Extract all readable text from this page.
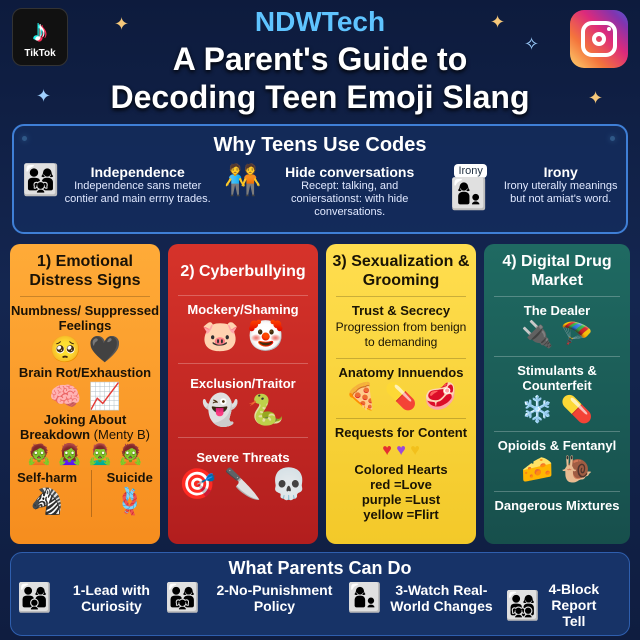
✦
✦
✦
✧
✦
♪
TikTok
NDWTech
A Parent's Guide to
Decoding Teen Emoji Slang
Why Teens Use Codes
👨‍👩‍👧	Independence
Independence sans meter contier and main errny trades.
🧑‍🤝‍🧑	Hide conversations
Recept: talking, and coniersationst: with hide conversations.
Irony
👩‍👦
Irony
Irony uterally meanings but not amiat's word.
1) Emotional Distress Signs
Numbness/ Suppressed Feelings
🥺 🖤
Brain Rot/Exhaustion
🧠 📈
Joking About Breakdown (Menty B)
🧟 🧟‍♀️ 🧟‍♂️ 🧟
Self-harm
🦓
Suicide
🪢
2) Cyberbullying
Mockery/Shaming
🐷 🤡
Exclusion/Traitor
👻 🐍
Severe Threats
🎯 🔪 💀
3) Sexualization & Grooming
Trust & Secrecy
Progression from benign to demanding
Anatomy Innuendos
🍕 💊 🥩
Requests for Content
♥ ♥ ♥
Colored Hearts
red =Love
purple =Lust
yellow =Flirt
4) Digital Drug Market
The Dealer
🔌 🪂
Stimulants & Counterfeit
❄️ 💊
Opioids & Fentanyl
🧀 🐌
Dangerous Mixtures
What Parents Can Do
👨‍👩‍👦	1-Lead with Curiosity 👨‍👩‍👧	2-No-Punishment Policy	👩‍👦 3-Watch Real-World Changes 👨‍👩‍👧‍👦
4-Block Report Tell
